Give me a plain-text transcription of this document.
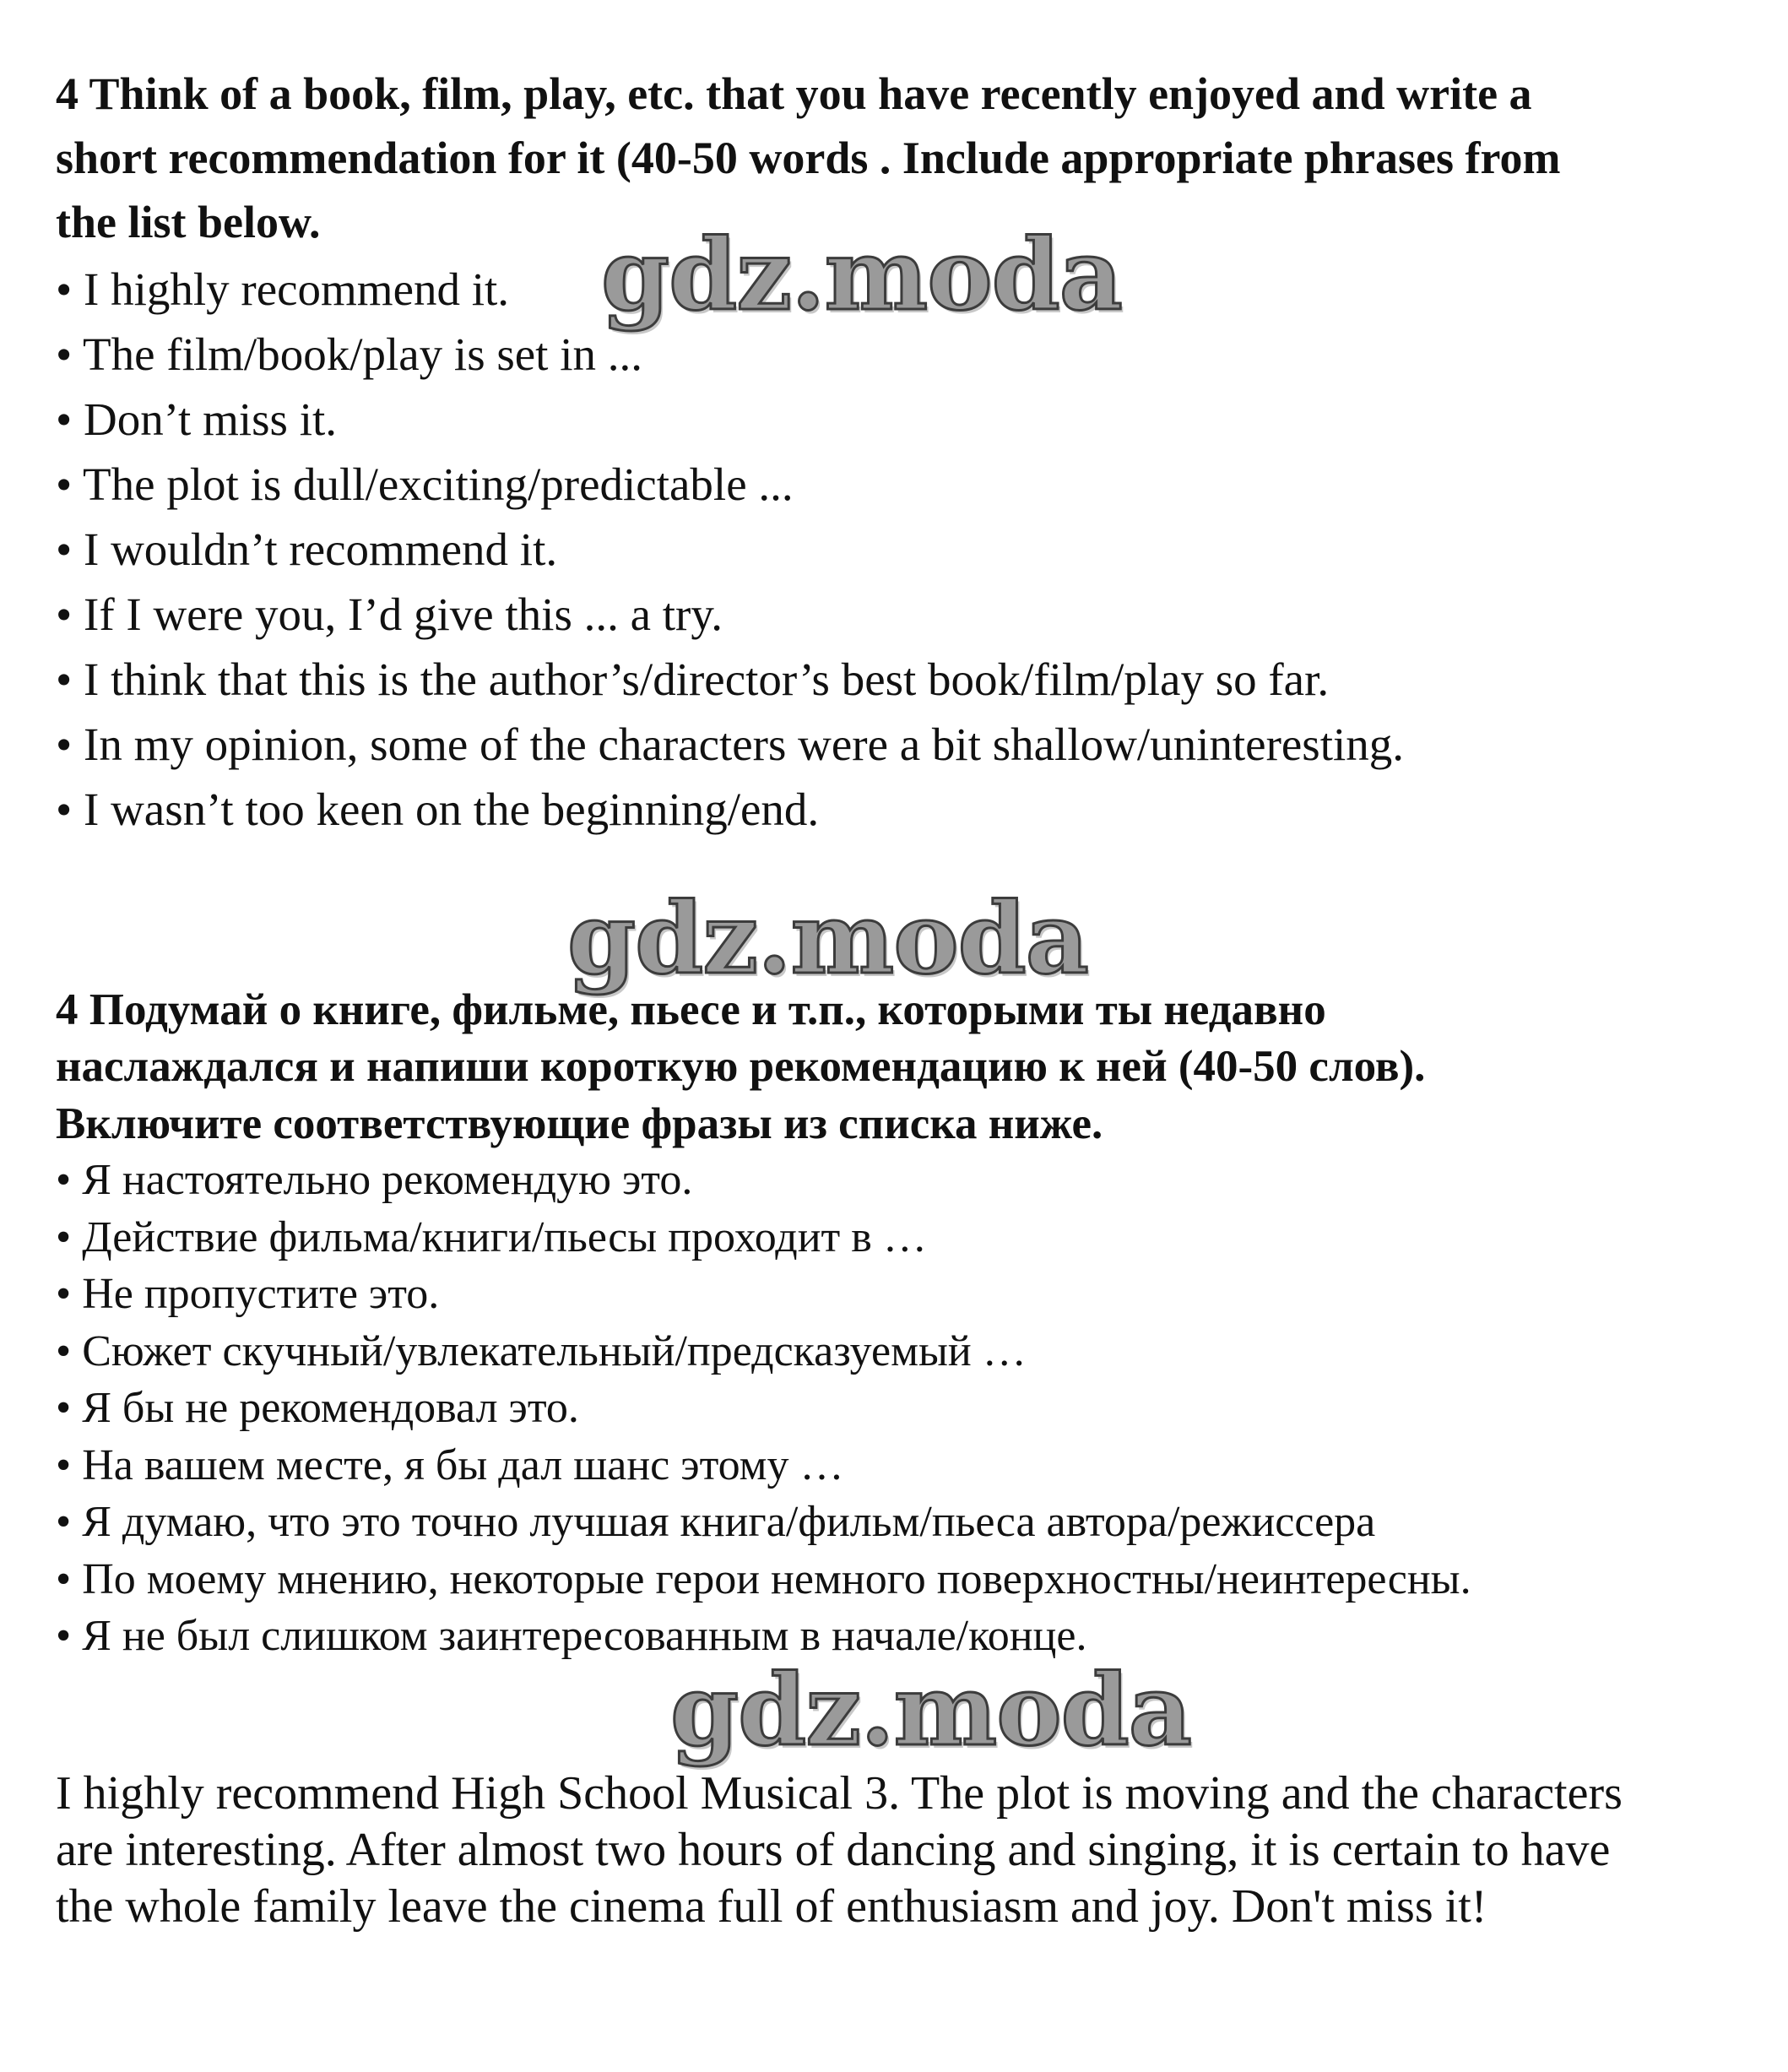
4 Think of a book, film, play, etc. that you have recently enjoyed and write a
short recommendation for it (40-50 words . Include appropriate phrases from
the list below.
• I highly recommend it.
• The film/book/play is set in ...
• Don’t miss it.
• The plot is dull/exciting/predictable ...
• I wouldn’t recommend it.
• If I were you, I’d give this ... a try.
• I think that this is the author’s/director’s best book/film/play so far.
• In my opinion, some of the characters were a bit shallow/uninteresting.
• I wasn’t too keen on the beginning/end.
gdz.moda
gdz.moda
4 Подумай о книге, фильме, пьесе и т.п., которыми ты недавно
наслаждался и напиши короткую рекомендацию к ней (40-50 слов).
Включите соответствующие фразы из списка ниже.
• Я настоятельно рекомендую это.
• Действие фильма/книги/пьесы проходит в …
• Не пропустите это.
• Сюжет скучный/увлекательный/предсказуемый …
• Я бы не рекомендовал это.
• На вашем месте, я бы дал шанс этому …
• Я думаю, что это точно лучшая книга/фильм/пьеса автора/режиссера
• По моему мнению, некоторые герои немного поверхностны/неинтересны.
• Я не был слишком заинтересованным в начале/конце.
gdz.moda
I highly recommend High School Musical 3. The plot is moving and the characters
are interesting. After almost two hours of dancing and singing, it is certain to have
the whole family leave the cinema full of enthusiasm and joy. Don't miss it!
